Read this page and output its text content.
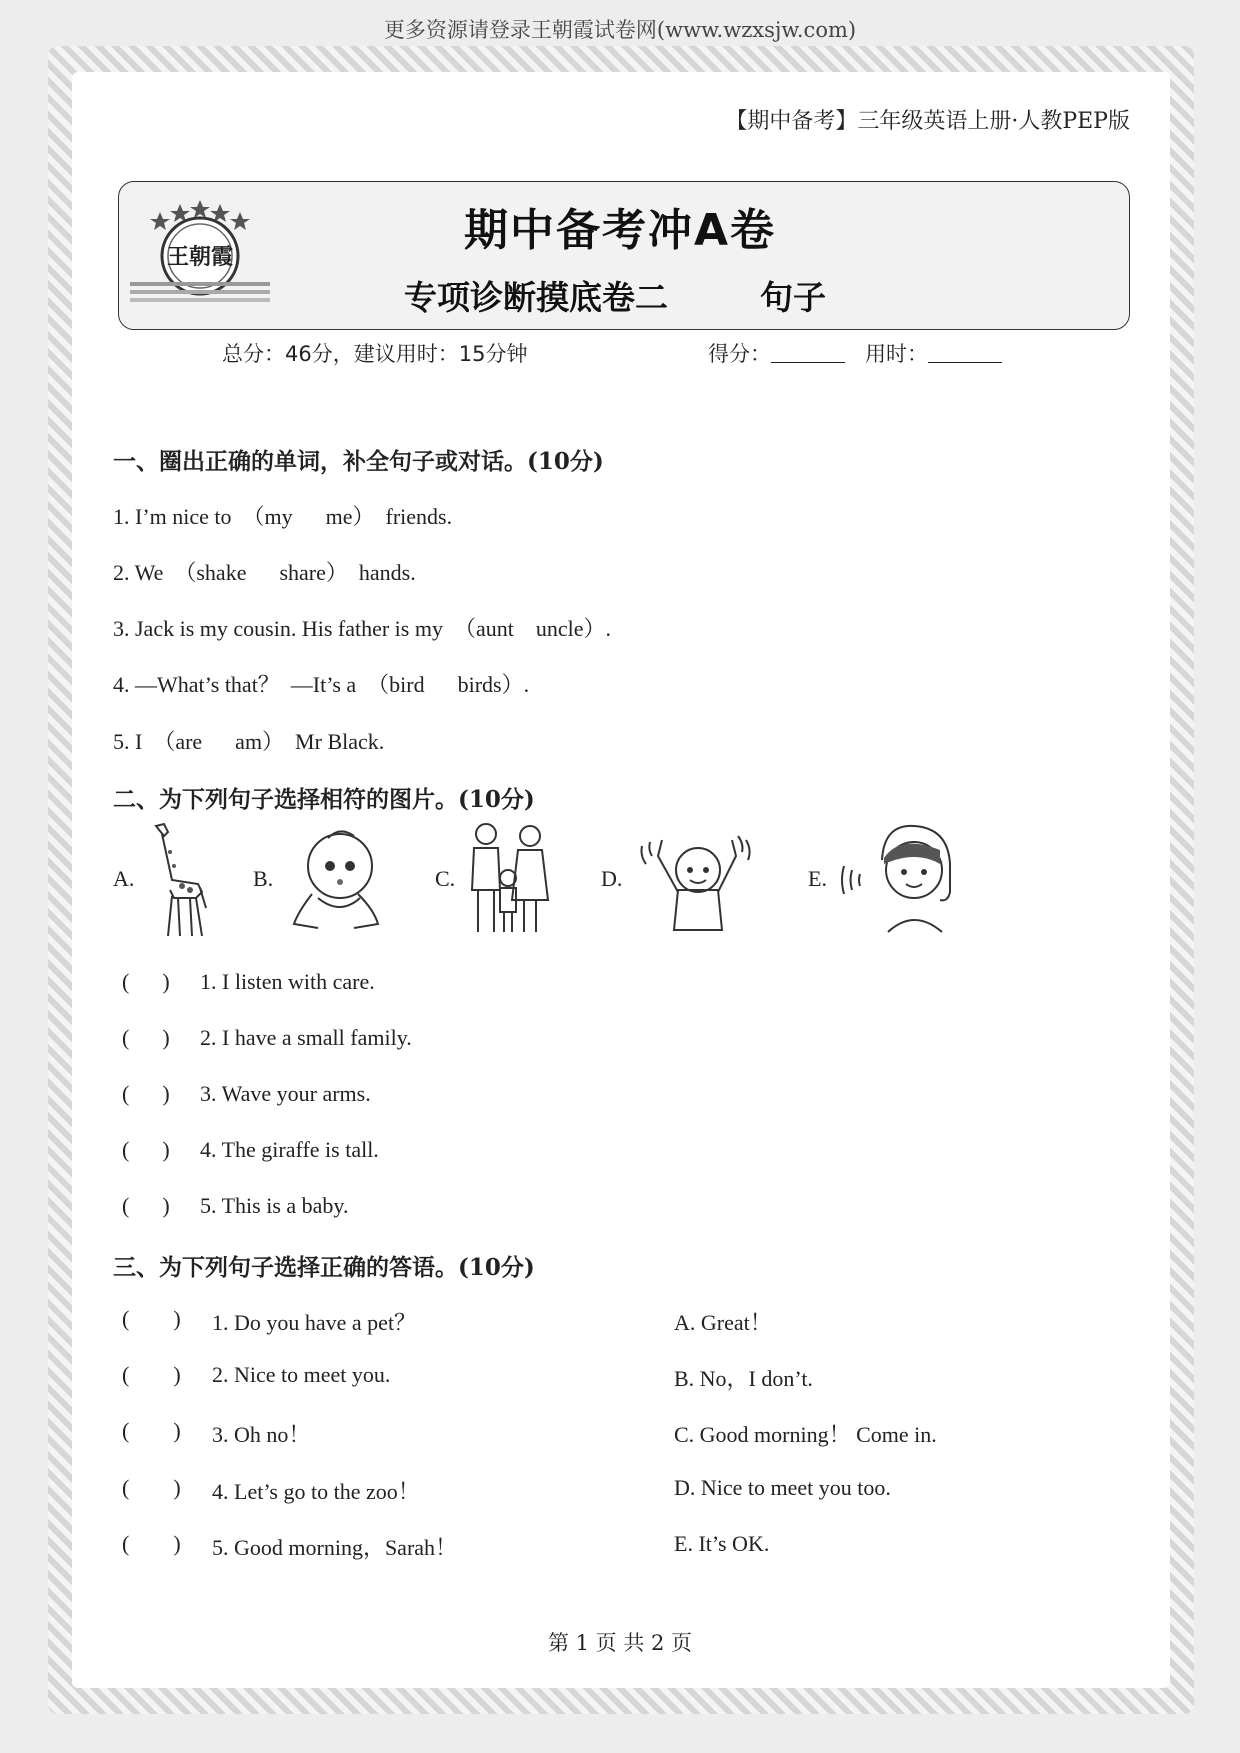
更多资源请登录王朝霞试卷网(www.wzxsjw.com)
【期中备考】三年级英语上册·人教PEP版
王朝霞
期中备考冲A卷
专项诊断摸底卷二	句子
总分：46分，建议用时：15分钟	得分：	用时：
一、圈出正确的单词，补全句子或对话。(10分)
1. I’m nice to  （my      me）  friends.
2. We  （shake      share）  hands.
3. Jack is my cousin. His father is my  （aunt    uncle）.
4. —What’s that？  —It’s a  （bird      birds）.
5. I  （are      am）  Mr Black.
二、为下列句子选择相符的图片。(10分)
A.	B.	C.	D.	E.
(      ) 1. I listen with care.
(      ) 2. I have a small family.
(      ) 3. Wave your arms.
(      ) 4. The giraffe is tall.
(      ) 5. This is a baby.
三、为下列句子选择正确的答语。(10分)
(        ) 1. Do you have a pet？	A. Great！
(        ) 2. Nice to meet you.	B. No，I don’t.
(        ) 3. Oh no！	C. Good morning！ Come in.
(        ) 4. Let’s go to the zoo！	D. Nice to meet you too.
(        ) 5. Good morning，Sarah！	E. It’s OK.
第 1 页 共 2 页
